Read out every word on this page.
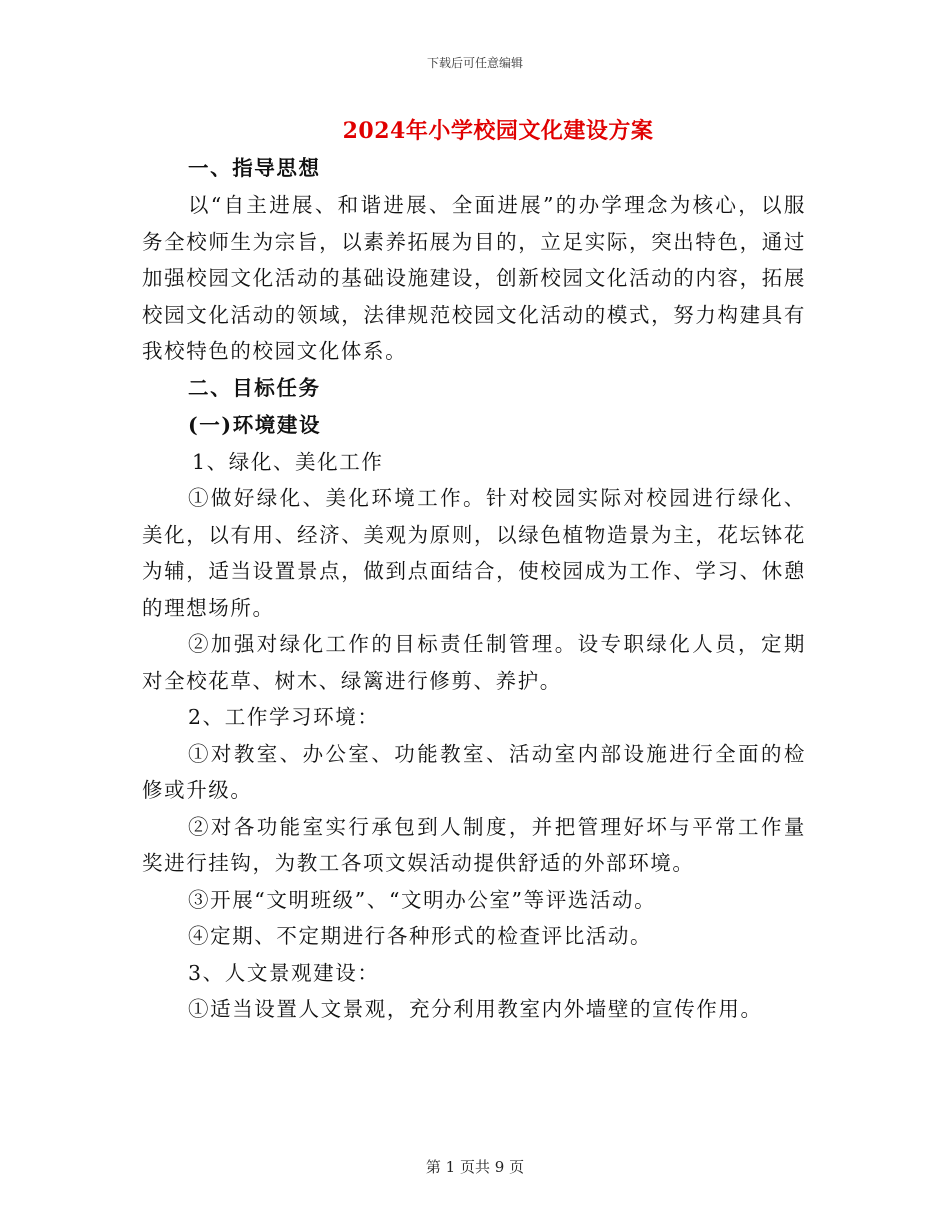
下载后可任意编辑
2024年小学校园文化建设方案

一、指导思想

以“自主进展、和谐进展、全面进展”的办学理念为核心，以服务全校师生为宗旨，以素养拓展为目的，立足实际，突出特色，通过加强校园文化活动的基础设施建设，创新校园文化活动的内容，拓展校园文化活动的领域，法律规范校园文化活动的模式，努力构建具有我校特色的校园文化体系。

二、目标任务

(一)环境建设

1、绿化、美化工作

①做好绿化、美化环境工作。针对校园实际对校园进行绿化、美化，以有用、经济、美观为原则，以绿色植物造景为主，花坛钵花为辅，适当设置景点，做到点面结合，使校园成为工作、学习、休憩的理想场所。

②加强对绿化工作的目标责任制管理。设专职绿化人员，定期对全校花草、树木、绿篱进行修剪、养护。

2、工作学习环境：

①对教室、办公室、功能教室、活动室内部设施进行全面的检修或升级。

②对各功能室实行承包到人制度，并把管理好坏与平常工作量奖进行挂钩，为教工各项文娱活动提供舒适的外部环境。

③开展“文明班级”、“文明办公室”等评选活动。

④定期、不定期进行各种形式的检查评比活动。

3、人文景观建设：

①适当设置人文景观，充分利用教室内外墙壁的宣传作用。

第 1 页共 9 页
